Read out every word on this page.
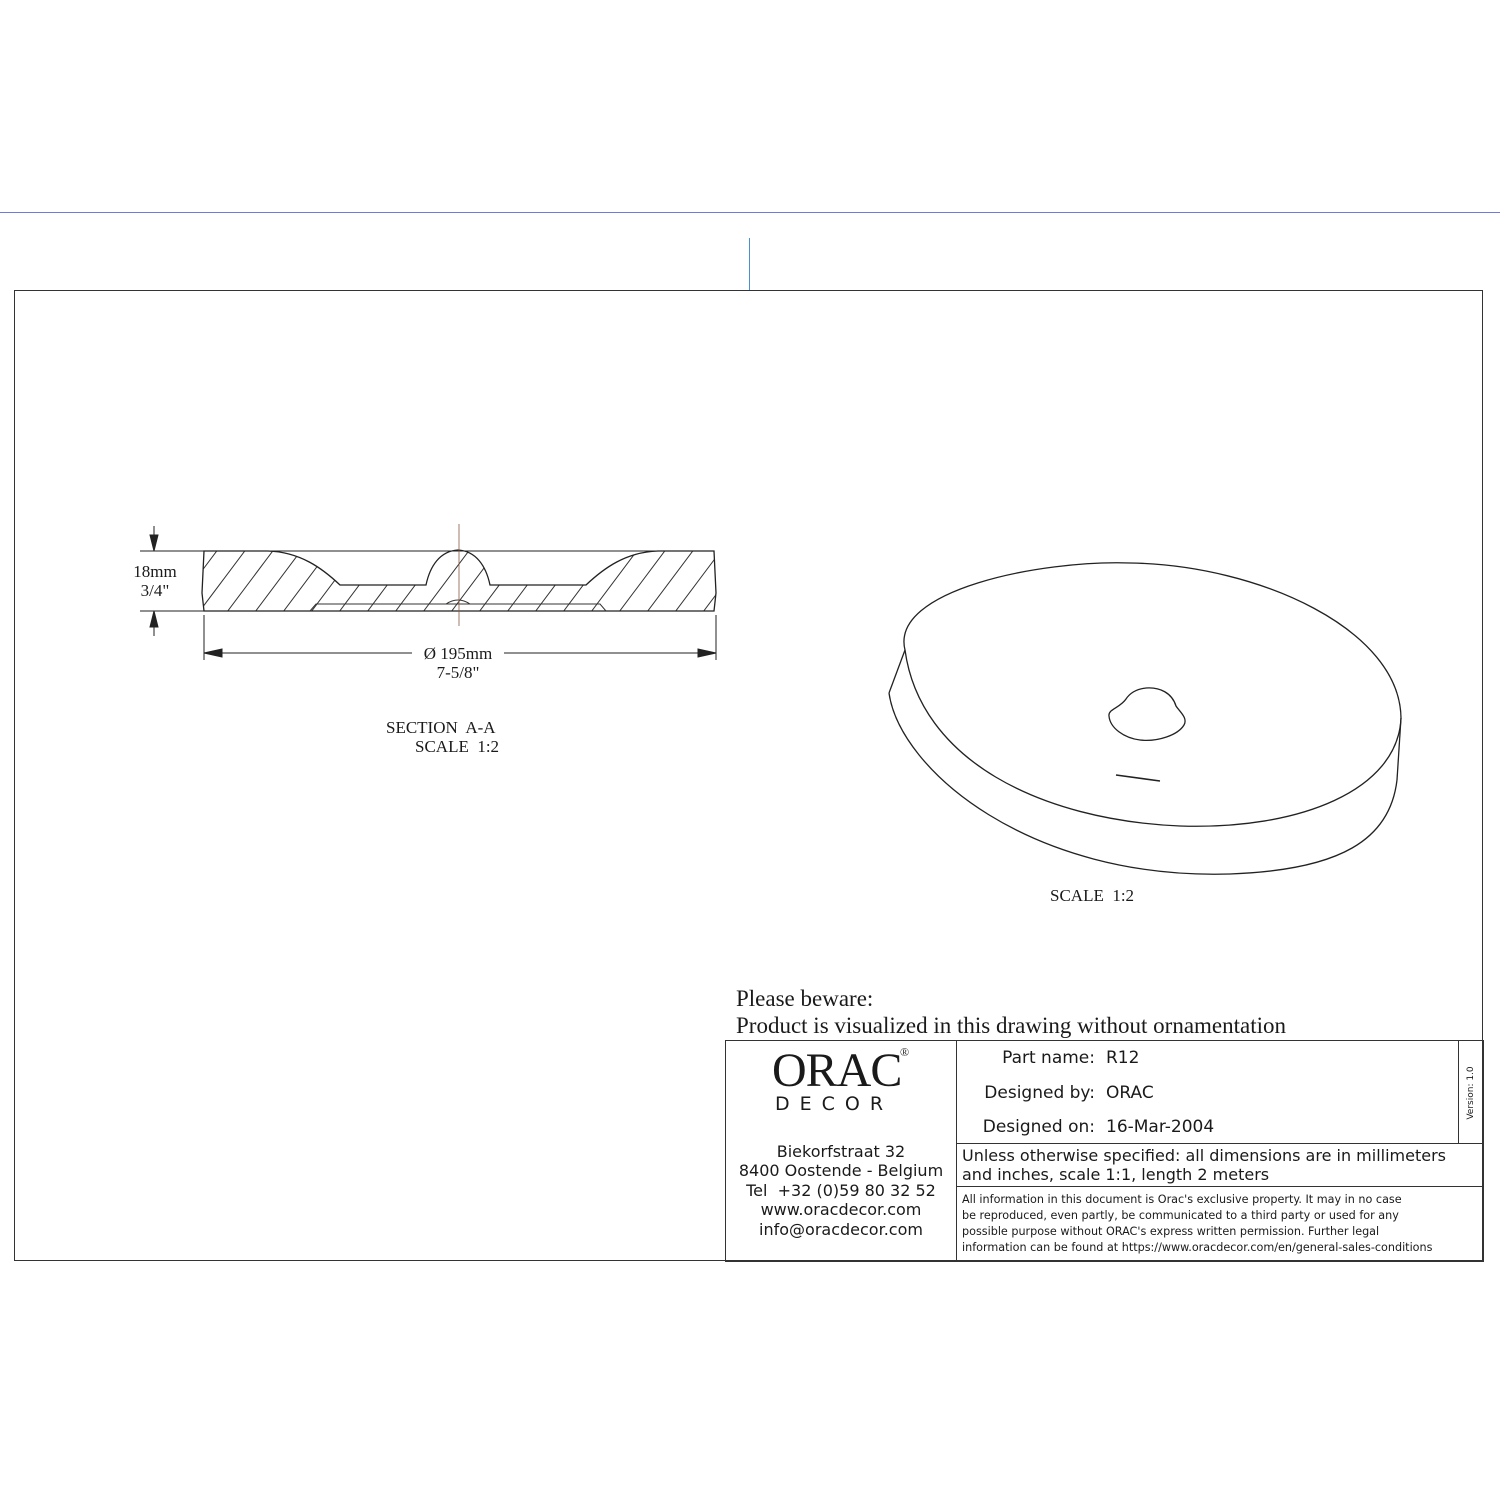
18mm
3/4"
Ø 195mm
7-5/8"
SECTION  A-A
SCALE  1:2
SCALE  1:2
Please beware:
Product is visualized in this drawing without ornamentation
ORAC
®
DECOR
Biekorfstraat 32
8400 Oostende - Belgium
Tel  +32 (0)59 80 32 52
www.oracdecor.com
info@oracdecor.com
Part name: R12
Designed by: ORAC
Designed on: 16-Mar-2004
Version: 1.0
Unless otherwise specified: all dimensions are in millimeters
and inches, scale 1:1, length 2 meters
All information in this document is Orac's exclusive property. It may in no case
be reproduced, even partly, be communicated to a third party or used for any
possible purpose without ORAC's express written permission. Further legal
information can be found at https://www.oracdecor.com/en/general-sales-conditions
